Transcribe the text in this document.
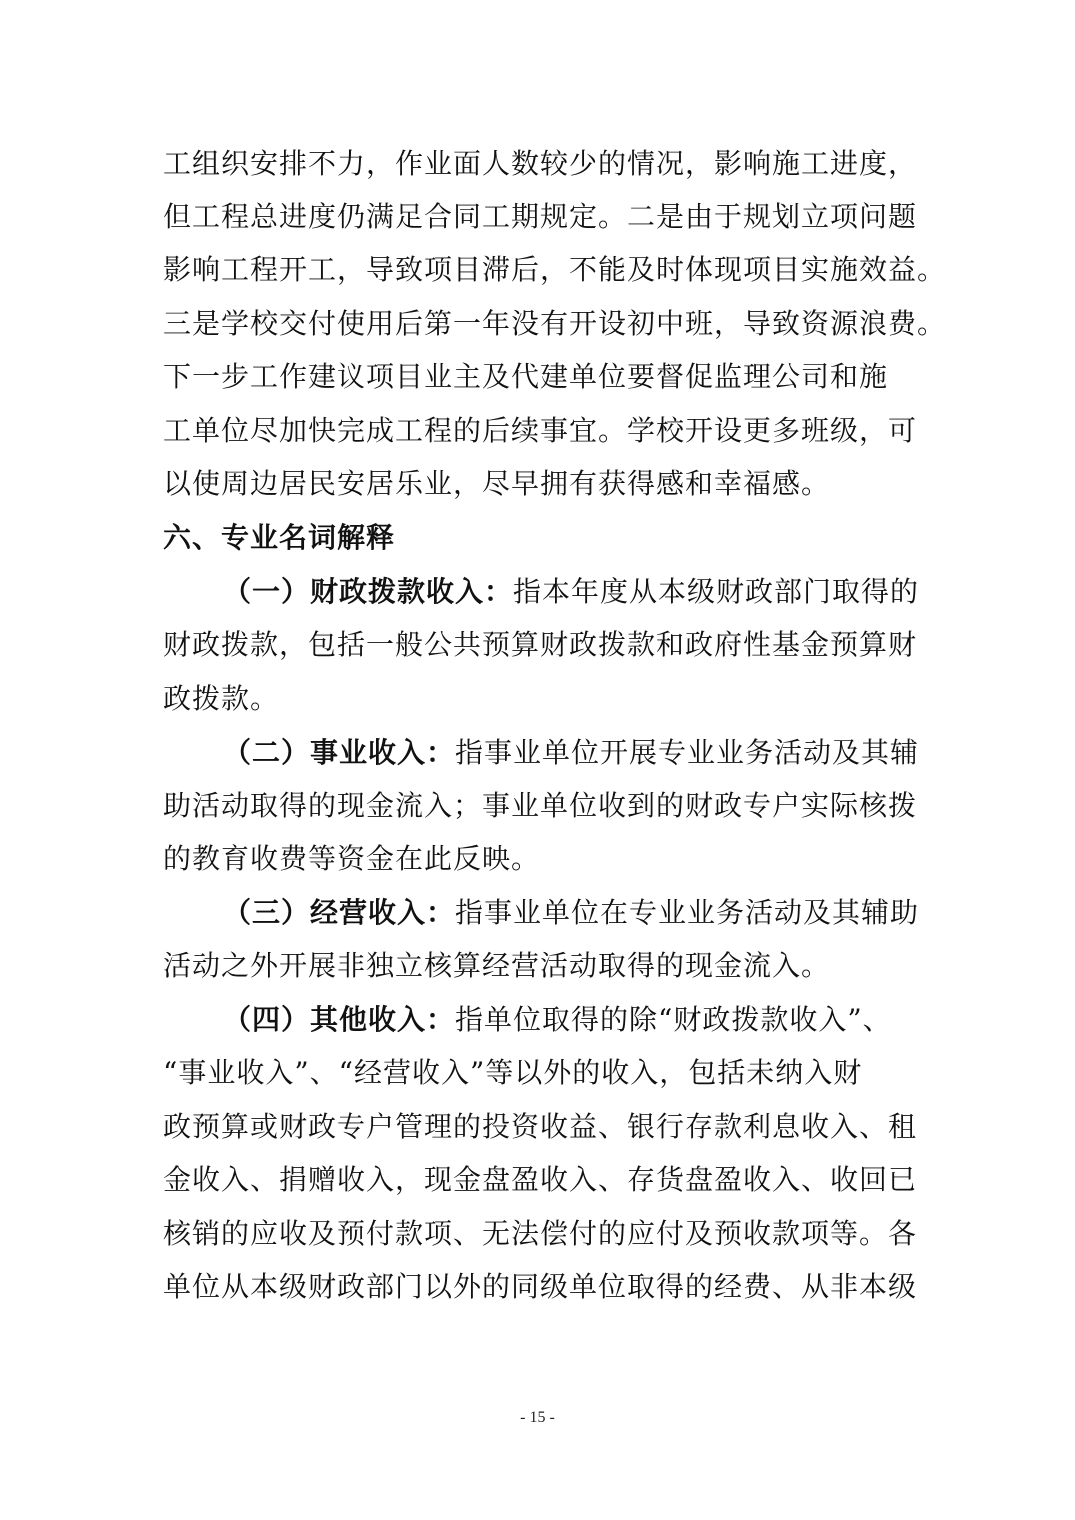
工组织安排不力，作业面人数较少的情况，影响施工进度，
但工程总进度仍满足合同工期规定。二是由于规划立项问题
影响工程开工，导致项目滞后，不能及时体现项目实施效益。
三是学校交付使用后第一年没有开设初中班，导致资源浪费。
下一步工作建议项目业主及代建单位要督促监理公司和施
工单位尽加快完成工程的后续事宜。学校开设更多班级，可
以使周边居民安居乐业，尽早拥有获得感和幸福感。
六、专业名词解释
（一）财政拨款收入：指本年度从本级财政部门取得的
财政拨款，包括一般公共预算财政拨款和政府性基金预算财
政拨款。
（二）事业收入：指事业单位开展专业业务活动及其辅
助活动取得的现金流入；事业单位收到的财政专户实际核拨
的教育收费等资金在此反映。
（三）经营收入：指事业单位在专业业务活动及其辅助
活动之外开展非独立核算经营活动取得的现金流入。
（四）其他收入：指单位取得的除“财政拨款收入”、
“事业收入”、“经营收入”等以外的收入，包括未纳入财
政预算或财政专户管理的投资收益、银行存款利息收入、租
金收入、捐赠收入，现金盘盈收入、存货盘盈收入、收回已
核销的应收及预付款项、无法偿付的应付及预收款项等。各
单位从本级财政部门以外的同级单位取得的经费、从非本级
- 15 -
